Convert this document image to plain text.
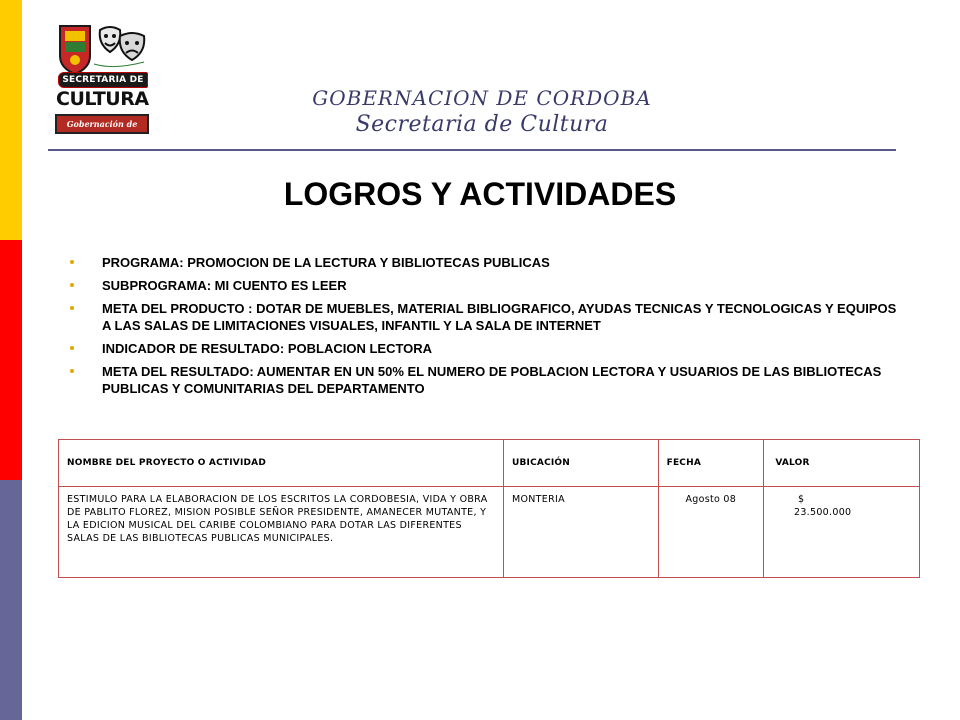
SECRETARIA DE
CULTURA
Gobernación de Córdoba
GOBERNACION DE CORDOBA
Secretaria de Cultura
LOGROS Y ACTIVIDADES
PROGRAMA: PROMOCION DE LA LECTURA Y BIBLIOTECAS PUBLICAS
SUBPROGRAMA: MI CUENTO ES LEER
META DEL PRODUCTO : DOTAR DE MUEBLES, MATERIAL BIBLIOGRAFICO, AYUDAS TECNICAS Y TECNOLOGICAS Y EQUIPOS A LAS SALAS DE LIMITACIONES VISUALES, INFANTIL Y LA SALA DE INTERNET
INDICADOR DE RESULTADO: POBLACION LECTORA
META DEL RESULTADO: AUMENTAR EN UN 50% EL NUMERO DE POBLACION LECTORA Y USUARIOS DE LAS BIBLIOTECAS PUBLICAS Y COMUNITARIAS DEL DEPARTAMENTO
NOMBRE DEL PROYECTO O ACTIVIDAD	UBICACIÓN	FECHA	VALOR
ESTIMULO PARA LA ELABORACION DE LOS ESCRITOS LA CORDOBESIA, VIDA Y OBRA DE PABLITO FLOREZ, MISION POSIBLE SEÑOR PRESIDENTE, AMANECER MUTANTE, Y LA EDICION MUSICAL DEL CARIBE COLOMBIANO PARA DOTAR LAS DIFERENTES SALAS DE LAS BIBLIOTECAS PUBLICAS MUNICIPALES.	MONTERIA	Agosto 08	$
23.500.000
